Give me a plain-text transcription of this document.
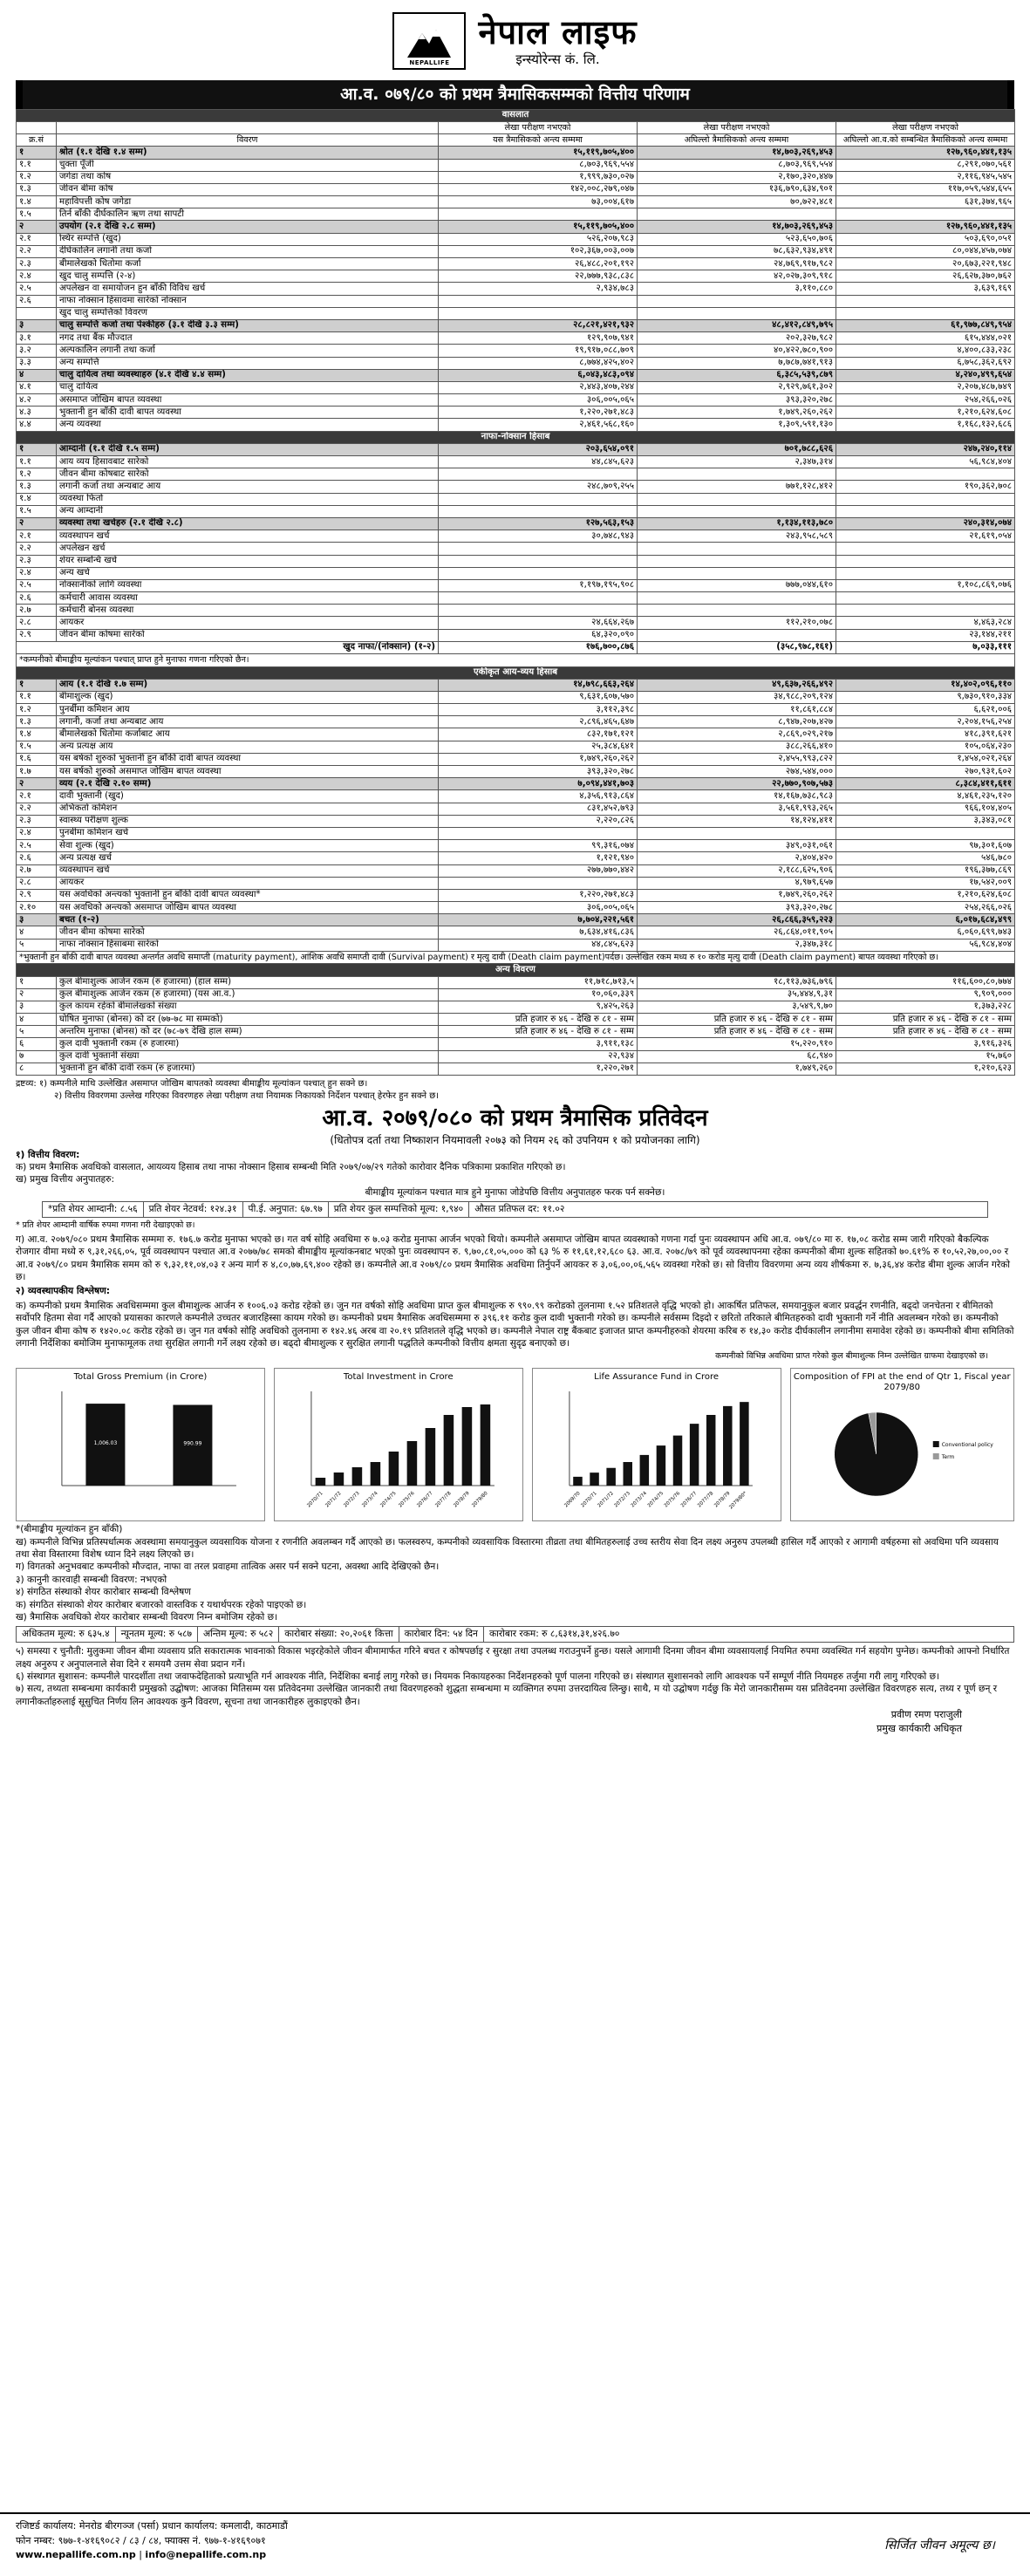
NEPALLIFE
नेपाल लाइफ
इन्स्योरेन्स कं. लि.
आ.व. ०७९/८० को प्रथम त्रैमासिकसम्मको वित्तीय परिणाम
वासलात				
		लेखा परीक्षण नभएको	लेखा परीक्षण नभएको	लेखा परीक्षण नभएको
क्र.सं	विवरण	यस त्रैमासिकको अन्त्य सम्ममा	अघिल्लो त्रैमासिकको अन्त्य सम्ममा	अघिल्लो आ.व.को सम्बन्धित त्रैमासिकको अन्त्य सम्ममा
१	श्रोत (१.१ देखि १.४ सम्म)	१५,११९,७०५,४००	१४,७०३,२६९,४५३	१२७,९६०,४४१,१३५
१.१	चुक्ता पूँजी	८,७०३,९६९,५५४	८,७०३,९६९,५५४	८,२९१,०७०,५६१
१.२	जगेडा तथा कोष	१,९९९,७३०,०२७	२,१७०,३२०,४४७	२,११६,९४५,५४५
१.३	जीवन बीमा कोष	१४२,००८,२७९,०४७	१३६,७९०,६३४,९०१	११७,०५९,५४४,६५५
१.४	महाविपत्ती कोष जगेडा	७३,००४,६१७	७०,७२२,४८१	६३१,३७४,९६५
१.५	तिर्न बाँकी दीर्घकालिन ऋण तथा सापटी			
२	उपयोग (२.१ देखि २.८ सम्म)	१५,११९,७०५,४००	१४,७०३,२६९,४५३	१२७,९६०,४४१,१३५
२.१	स्थिर सम्पत्ति (खुद)	५२६,२०७,९८३	५२३,६५०,७०६	५०३,६९०,०५१
२.२	दीर्घकालिन लगानी तथा कर्जा	१०२,३६७,००३,००७	७८,६३२,९३४,४९१	८०,०४४,४५७,०७४
२.३	बीमालेखको धितोमा कर्जा	२६,४८८,२०१,१९२	२४,७६९,९१७,९८२	२०,६७३,२२१,९४८
२.४	खुद चालु सम्पत्ति (२-४)	२२,७७७,९३८,८३८	४२,०२७,३०९,९१८	२६,६२७,३७०,७६२
२.५	अपलेखन वा समायोजन हुन बाँकी विविध खर्च	२,९३४,७८३	३,११०,८८०	३,६३९,१६९
२.६	नाफा नोक्सान हिसावमा सारेको नोक्सान			
	खुद चालु सम्पत्तिको विवरण			
३	चालु सम्पत्ति कर्जा तथा पेश्कीहरु (३.१ देखि ३.३ सम्म)	२८,८२१,४२१,९३२	४८,४१२,८४९,७९५	६१,९७७,८४९,९५४
३.१	नगद तथा बैंक मौज्दात	१२९,९०७,९४१	२०२,३२७,९८२	६१५,४४४,०२१
३.२	अल्पकालिन लगानी तथा कर्जा	१९,९१७,०८८,७०९	४०,४२२,७८०,९००	४,४००,८३३,२३८
३.३	अन्य सम्पत्ति	८,७७४,४२५,४०२	७,७८७,७४१,९१३	६,७५८,३६२,६९२
४	चालु दायित्व तथा व्यवस्थाहरु (४.१ देखि ४.४ सम्म)	६,०४३,४८३,०९४	६,३८५,५३९,८७९	४,२४०,४९९,६५४
४.१	चालु दायित्व	२,४४३,४०७,२४४	२,९२९,७६१,३०२	२,२०७,४८७,७४९
४.२	असमाप्त जोखिम बापत व्यवस्था	३०६,००५,०६५	३९३,३२०,२७८	२५४,२६६,०२६
४.३	भुक्तानी हुन बाँकी दावी बापत व्यवस्था	१,२२०,२७१,४८३	१,७४९,२६०,२६२	१,२१०,६२४,६०८
४.४	अन्य व्यवस्था	२,४६१,५६८,१६०	१,३०९,५९१,१३०	१,१६८,१३२,६८६
नाफा-नोक्सान हिसाब				
१	आम्दानी (१.१ देखि १.५ सम्म)	२०३,६५४,०९१	७०१,७८८,६२६	२४७,२४०,११४
१.१	आय व्यय हिसावबाट सारेको	४४,८४५,६२३	२,३४७,३१४	५६,९८४,४०४
१.२	जीवन बीमा कोषबाट सारेको			
१.३	लगानी कर्जा तथा अन्यबाट आय	२४८,७०९,२५५	७७१,१२८,४१२	१९०,३६२,७०८
१.४	व्यवस्था फिर्ता			
१.५	अन्य आम्दानी			
२	व्यवस्था तथा खर्चहरु (२.१ देखि २.८)	१२७,५६३,१५३	१,१३४,११३,७८०	२४०,३१४,०७४
२.१	व्यवस्थापन खर्च	३०,७४८,९४३	२४३,९५८,५८९	२१,६१९,०५४
२.२	अपलेखन खर्च			
२.३	शेयर सम्बन्धि खर्च			
२.४	अन्य खर्च			
२.५	नोक्सानीको लागि व्यवस्था	१,१९७,१९५,९०८	७७७,०४४,६१०	१,१०८,८६९,०७६
२.६	कर्मचारी आवास व्यवस्था			
२.७	कर्मचारी बोनस व्यवस्था			
२.८	आयकर	२४,६६४,२६७	११२,२१०,०७८	४,४६३,२८४
२.९	जीवन बीमा कोषमा सारेको	६४,३२०,०९०		२३,१४४,२११
खुद नाफा/(नोक्सान) (१-२)		१७६,७००,८७६	(३५८,९७८,१६१)	७,०३३,१११
*कम्पनीको बीमाङ्कीय मूल्यांकन पश्चात् प्राप्त हुने मुनाफा गणना गरिएको छैन।				
एकीकृत आय-व्यय हिसाब				
१	आय (१.१ देखि १.७ सम्म)	१४,७९८,६६३,२६४	४९,६३७,२६६,४९२	१४,४०२,०९६,११०
१.१	बीमाशुल्क (खुद)	९,६३१,६०७,५७०	३४,९८८,२०९,१२४	९,७३०,९१०,३३४
१.२	पुनर्बीमा कमिशन आय	३,११२,३९८	११,८६१,८८४	६,६२१,००६
१.३	लगानी, कर्जा तथा अन्यबाट आय	२,८९६,४६५,६४७	८,९४७,२०७,४२७	२,२०४,१५६,२५४
१.४	बीमालेखको धितोमा कर्जाबाट आय	८३२,१७१,१२१	२,८६९,०२९,२१७	४१८,३९१,६२१
१.५	अन्य प्रत्यक्ष आय	२५,३८४,६४१	३८८,२६६,४१०	१०५,०६४,२३०
१.६	यस बर्षको शुरुको भुक्तानी हुन बाँकी दावी बापत व्यवस्था	१,७४९,२६०,२६२	२,४५५,९९३,८२२	१,४५४,०२१,२६४
१.७	यस बर्षको शुरुको असमाप्त जोखिम बापत व्यवस्था	३९३,३२०,२७८	२७४,५४४,०००	२७०,९३१,६०२
२	व्यय (२.१ देखि २.१० सम्म)	७,०९४,४४१,७०३	२२,७७०,९०७,५७३	८,३८४,४११,६११
२.१	दावी भुक्तानी (खुद)	४,३५६,९१३,८६४	१४,१६७,७३८,९८३	४,४६१,२३५,१२०
२.२	अभिकर्ता कमिशन	८३१,४५२,७९३	३,५६१,९९३,२६५	९६६,१०४,४०५
२.३	स्वास्थ्य परीक्षण शुल्क	२,२२०,८२६	१४,१२४,४११	३,३४३,०८१
२.४	पुनर्बीमा कमिशन खर्च			
२.५	सेवा शुल्क (खुद)	९९,३१६,०७४	३४९,०३१,०६१	९७,३०१,६०७
२.६	अन्य प्रत्यक्ष खर्च	१,१२१,९४०	२,४०४,४२०	५४६,७८०
२.७	व्यवस्थापन खर्च	२७७,७७०,४४२	२,१८८,६२५,९०६	१९६,३७७,८६९
२.८	आयकर		४,९७९,६५७	१७,५४२,००९
२.९	यस अवधिको अन्त्यको भुक्तानी हुन बाँकी दावी बापत व्यवस्था*	१,२२०,२७१,४८३	१,७४९,२६०,२६२	१,२१०,६२४,६०८
२.१०	यस अवधिको अन्त्यको असमाप्त जोखिम बापत व्यवस्था	३०६,००५,०६५	३९३,३२०,२७८	२५४,२६६,०२६
३	बचत (१-२)	७,७०४,२२१,५६१	२६,८६६,३५९,२२३	६,०१७,६८४,४९९
४	जीवन बीमा कोषमा सारेको	७,६३४,४१६,८३६	२६,८६४,०११,९०५	६,०६०,६९९,७४३
५	नाफा नोक्सान हिसाबमा सारेको	४४,८४५,६२३	२,३४७,३१८	५६,९८४,४०४
*भुक्तानी हुन बाँकी दावी बापत व्यवस्था अन्तर्गत अवधि समाप्ती (maturity payment), आंशिक अवधि समाप्ती दावी (Survival payment) र मृत्यु दावी (Death claim payment)पर्दछ। उल्लेखित रकम मध्य रु १० करोड मृत्यु दावी (Death claim payment) बापत व्यवस्था गरिएको छ।				
अन्य विवरण				
१	कुल बीमाशुल्क आर्जन रकम (रु हजारमा) (हाल सम्म)	११,७१८,७१३,५	१८,११३,७३६,७९६	११६,६००,८०,७७४
२	कुल बीमाशुल्क आर्जन रकम (रु हजारमा) (यस आ.व.)	१०,०६०,३३९	३५,४४४,९,३१	९,९०९,०००
३	कुल कायम रहेको बीमालेखको संख्या	९,४२५,२६३	३,५४९,९,७०	१,३७३,२२८
४	घोषित मुनाफा (बोनस) को दर (७७-७८ मा सम्मको)	प्रति हजार रु ४६ - देखि रु ८१ - सम्म	प्रति हजार रु ४६ - देखि रु ८१ - सम्म	प्रति हजार रु ४६ - देखि रु ८१ - सम्म
५	अन्तरिम मुनाफा (बोनस) को दर (७८-७९ देखि हाल सम्म)	प्रति हजार रु ४६ - देखि रु ८१ - सम्म	प्रति हजार रु ४६ - देखि रु ८१ - सम्म	प्रति हजार रु ४६ - देखि रु ८१ - सम्म
६	कुल दावी भुक्तानी रकम (रु हजारमा)	३,९११,१३८	१५,२२०,९१०	३,९१६,३२६
७	कुल दावी भुक्तानी संख्या	२२,९३४	६८,९४०	१५,७६०
८	भुक्तानी हुन बाँकी दावी रकम (रु हजारमा)	१,२२०,२७१	१,७४९,२६०	१,२१०,६२३
द्रष्टव्य: १) कम्पनीले माथि उल्लेखित असमाप्त जोखिम बापतको व्यवस्था बीमाङ्कीय मूल्यांकन पश्चात् हुन सक्ने छ।
२) वित्तीय विवरणमा उल्लेख गरिएका विवरणहरु लेखा परीक्षण तथा नियामक निकायको निर्देशन पश्चात् हेरफेर हुन सक्ने छ।
आ.व. २०७९/०८० को प्रथम त्रैमासिक प्रतिवेदन
(धितोपत्र दर्ता तथा निष्काशन नियमावली २०७३ को नियम २६ को उपनियम १ को प्रयोजनका लागि)
१) वित्तीय विवरण:
क) प्रथम त्रैमासिक अवधिको वासलात, आयव्यय हिसाब तथा नाफा नोक्सान हिसाब सम्बन्धी मिति २०७९/०७/२९ गतेको कारोवार दैनिक पत्रिकामा प्रकाशित गरिएको छ।
ख) प्रमुख वित्तीय अनुपातहरु:
बीमाङ्कीय मूल्यांकन पश्चात मात्र हुने मुनाफा जोडेपछि वित्तीय अनुपातहरु फरक पर्न सक्नेछ।
*प्रति शेयर आम्दानी: ८.५६	प्रति शेयर नेटवर्थ: १२४.३१	पी.ई. अनुपात: ६७.९७	प्रति शेयर कुल सम्पत्तिको मूल्य: १,९४०	औसत प्रतिफल दर: ११.०२
* प्रति शेयर आम्दानी वार्षिक रुपमा गणना गरी देखाइएको छ।
ग) आ.व. २०७९/०८० प्रथम त्रैमासिक सम्ममा रु. १७६.७ करोड मुनाफा भएको छ। गत वर्ष सोहि अवधिमा रु ७.०३ करोड मुनाफा आर्जन भएको थियो। कम्पनीले असमाप्त जोखिम बापत व्यवस्थाको गणना गर्दा पुनः व्यवस्थापन अधि आ.व. ०७९/८० मा रु. १७,०८ करोड सम्म जारी गरिएको बैकल्पिक रोजगार वीमा मध्ये रु ९,३१,२६६,०५, पूर्व व्यवस्थापन पश्चात आ.व २०७७/७८ समको बीमाङ्कीय मूल्यांकनबाट भएको पुनः व्यवस्थापन रु. ९,७०,८१,०५,००० को ६३ % रु ११,६१,१२,६८० ६३. आ.व. २०७८/७९ को पूर्व व्यवस्थापनमा रहेका कम्पनीको बीमा शुल्क सहितको ७०.६१% रु १०,५२,२७,००,०० र आ.व २०७९/८० प्रथम त्रैमासिक समम को रु ९,३२,११,०४,०३ र अन्य मार्ग रु ४,८०,७७,६९,४०० रहेको छ। कम्पनीले आ.व २०७९/८० प्रथम त्रैमासिक अवधिमा तिर्नुपर्ने आयकर रु ३,०६,००,०६,५६५ व्यवस्था गरेको छ। सो वित्तीय विवरणमा अन्य व्यय शीर्षकमा रु. ७,३६,४४ करोड बीमा शुल्क आर्जन गरेको छ।
२) व्यवस्थापकीय विश्लेषण:
क) कम्पनीको प्रथम त्रैमासिक अवधिसम्ममा कुल बीमाशुल्क आर्जन रु १००६.०३ करोड रहेको छ। जुन गत वर्षको सोहि अवधिमा प्राप्त कुल बीमाशुल्क रु ९९०.९९ करोडको तुलनामा १.५२ प्रतिशतले वृद्धि भएको हो। आकर्षित प्रतिफल, समयानुकुल बजार प्रवर्द्धन रणनीति, बढ्दो जनचेतना र बीमितको सर्वोपरि हितमा सेवा गर्दै आएको प्रयासका कारणले कम्पनीले उच्चतर बजारहिस्सा कायम गरेको छ। कम्पनीको प्रथम त्रैमासिक अवधिसम्ममा रु ३९६.११ करोड कुल दावी भुक्तानी गरेको छ। कम्पनीले सर्वसम्म दिइदो र छरितो तरिकाले बीमितहरुको दावी भुक्तानी गर्ने नीति अवलम्बन गरेको छ। कम्पनीको कुल जीवन बीमा कोष रु १४२०.०८ करोड रहेको छ। जुन गत वर्षको सोहि अवधिको तुलनामा रु १४२.४६ अरब वा २०.१९ प्रतिशतले वृद्धि भएको छ। कम्पनीले नेपाल राष्ट्र बैंकबाट इजाजत प्राप्त कम्पनीहरुको शेयरमा करिब रु १४,३० करोड दीर्घकालीन लगानीमा समावेश रहेको छ। कम्पनीको बीमा समितिको लगानी निर्देशिका बमोजिम मुनाफामूलक तथा सुरक्षित लगानी गर्ने लक्ष्य रहेको छ। बढ्दो बीमाशुल्क र सुरक्षित लगानी पद्धतिले कम्पनीको वित्तीय क्षमता सुदृढ बनाएको छ।
कम्पनीको विभिन्न अवधिमा प्राप्त गरेको कुल बीमाशुल्क निम्न उल्लेखित ग्राफमा देखाइएको छ।
Total Gross Premium (in Crore)
1,006.03	990.99
Total Investment in Crore
2070/71 2071/72 2072/73 2073/74 2074/75 2075/76 2076/77 2077/78 2078/79 2079/80
Life Assurance Fund in Crore
2069/70
2070/71
2071/72
2072/73
2073/74
2074/75
2075/76
2076/77
2077/78
2078/79
2079/80*
Composition of FPI at the end of Qtr 1, Fiscal year 2079/80
Conventional policy
Term
*(बीमाङ्कीय मूल्यांकन हुन बाँकी)
ख) कम्पनीले विभिन्न प्रतिस्पर्धात्मक अवस्थामा समयानुकुल व्यवसायिक योजना र रणनीति अवलम्बन गर्दै आएको छ। फलस्वरुप, कम्पनीको व्यवसायिक विस्तारमा तीव्रता तथा बीमितहरुलाई उच्च स्तरीय सेवा दिन लक्ष्य अनुरुप उपलब्धी हासिल गर्दै आएको र आगामी वर्षहरुमा सो अवधिमा पनि व्यवसाय तथा सेवा विस्तारमा विशेष ध्यान दिने लक्ष्य लिएको छ।
ग) विगतको अनुभवबाट कम्पनीको मौज्दात, नाफा वा तरल प्रवाहमा तात्विक असर पर्न सक्ने घटना, अवस्था आदि देखिएको छैन।
३) कानुनी कारवाही सम्बन्धी विवरण: नभएको
४) संगठित संस्थाको शेयर कारोबार सम्बन्धी विश्लेषण
क) संगठित संस्थाको शेयर कारोबार बजारको वास्तविक र यथार्थपरक रहेको पाइएको छ।
ख) त्रैमासिक अवधिको शेयर कारोबार सम्बन्धी विवरण निम्न बमोजिम रहेको छ।
अधिकतम मूल्य: रु ६३५.४	न्यूनतम मूल्य: रु ५८७	अन्तिम मूल्य: रु ५८२	कारोबार संख्या: २०,२०६१ कित्ता	कारोबार दिन: ५४ दिन	कारोबार रकम: रु ८,६३१४,३१,४२६.७०
५) समस्या र चुनौती: मुलुकमा जीवन बीमा व्यवसाय प्रति सकारात्मक भावनाको विकास भइरहेकोले जीवन बीमामार्फत गरिने बचत र कोषपर्छाइ र सुरक्षा तथा उपलब्ध गराउनुपर्ने हुन्छ। यसले आगामी दिनमा जीवन बीमा व्यवसायलाई नियमित रुपमा व्यवस्थित गर्न सहयोग पुग्नेछ। कम्पनीको आफ्नो निर्धारित लक्ष्य अनुरुप र अनुपालनाले सेवा दिने र समयमै उत्तम सेवा प्रदान गर्ने।
६) संस्थागत सुशासन: कम्पनीले पारदर्शीता तथा जवाफदेहिताको प्रत्याभूति गर्न आवश्यक नीति, निर्देशिका बनाई लागु गरेको छ। नियमक निकायहरुका निर्देशनहरुको पूर्ण पालना गरिएको छ। संस्थागत सुशासनको लागि आवश्यक पर्ने सम्पूर्ण नीति नियमहरु तर्जुमा गरी लागु गरिएको छ।
७) सत्य, तथ्यता सम्बन्धमा कार्यकारी प्रमुखको उद्घोषण: आजका मितिसम्म यस प्रतिवेदनमा उल्लेखित जानकारी तथा विवरणहरुको शुद्धता सम्बन्धमा म व्यक्तिगत रुपमा उत्तरदायित्व लिन्छु। साथै, म यो उद्घोषण गर्दछु कि मेरो जानकारीसम्म यस प्रतिवेदनमा उल्लेखित विवरणहरु सत्य, तथ्य र पूर्ण छन् र लगानीकर्ताहरुलाई सूसुचित निर्णय लिन आवश्यक कुनै विवरण, सूचना तथा जानकारीहरु लुकाइएको छैन।
प्रवीण रमण पराजुली
प्रमुख कार्यकारी अधिकृत
रजिष्टर्ड कार्यालय: मेनरोड बीरगञ्ज (पर्सा) प्रधान कार्यालय: कमलादी, काठमाडौं
फोन नम्बर: ९७७-१-४१६९०८२ / ८३ / ८४, फ्याक्स नं. ९७७-१-४१६९०७१
www.nepallife.com.np | info@nepallife.com.np
सिर्जित जीवन अमूल्य छ।
